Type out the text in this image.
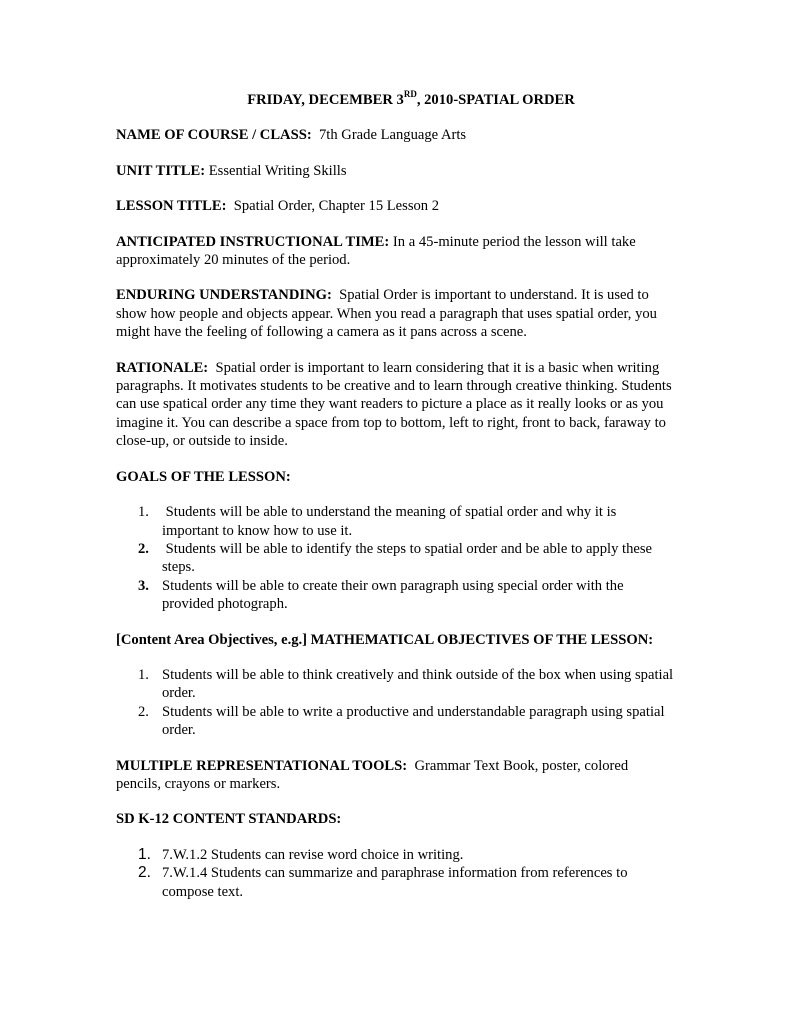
FRIDAY, DECEMBER 3RD, 2010-SPATIAL ORDER

NAME OF COURSE / CLASS:  7th Grade Language Arts

UNIT TITLE: Essential Writing Skills

LESSON TITLE:  Spatial Order, Chapter 15 Lesson 2

ANTICIPATED INSTRUCTIONAL TIME: In a 45-minute period the lesson will take approximately 20 minutes of the period.

ENDURING UNDERSTANDING:  Spatial Order is important to understand. It is used to show how people and objects appear. When you read a paragraph that uses spatial order, you might have the feeling of following a camera as it pans across a scene.

RATIONALE:  Spatial order is important to learn considering that it is a basic when writing paragraphs. It motivates students to be creative and to learn through creative thinking. Students can use spatical order any time they want readers to picture a place as it really looks or as you imagine it. You can describe a space from top to bottom, left to right, front to back, faraway to close-up, or outside to inside.

GOALS OF THE LESSON:
1. Students will be able to understand the meaning of spatial order and why it is important to know how to use it.
2. Students will be able to identify the steps to spatial order and be able to apply these steps.
3. Students will be able to create their own paragraph using special order with the provided photograph.
[Content Area Objectives, e.g.] MATHEMATICAL OBJECTIVES OF THE LESSON:
1. Students will be able to think creatively and think outside of the box when using spatial order.
2. Students will be able to write a productive and understandable paragraph using spatial order.

MULTIPLE REPRESENTATIONAL TOOLS:  Grammar Text Book, poster, colored pencils, crayons or markers.

SD K-12 CONTENT STANDARDS:
1. 7.W.1.2 Students can revise word choice in writing.
2. 7.W.1.4 Students can summarize and paraphrase information from references to compose text.
